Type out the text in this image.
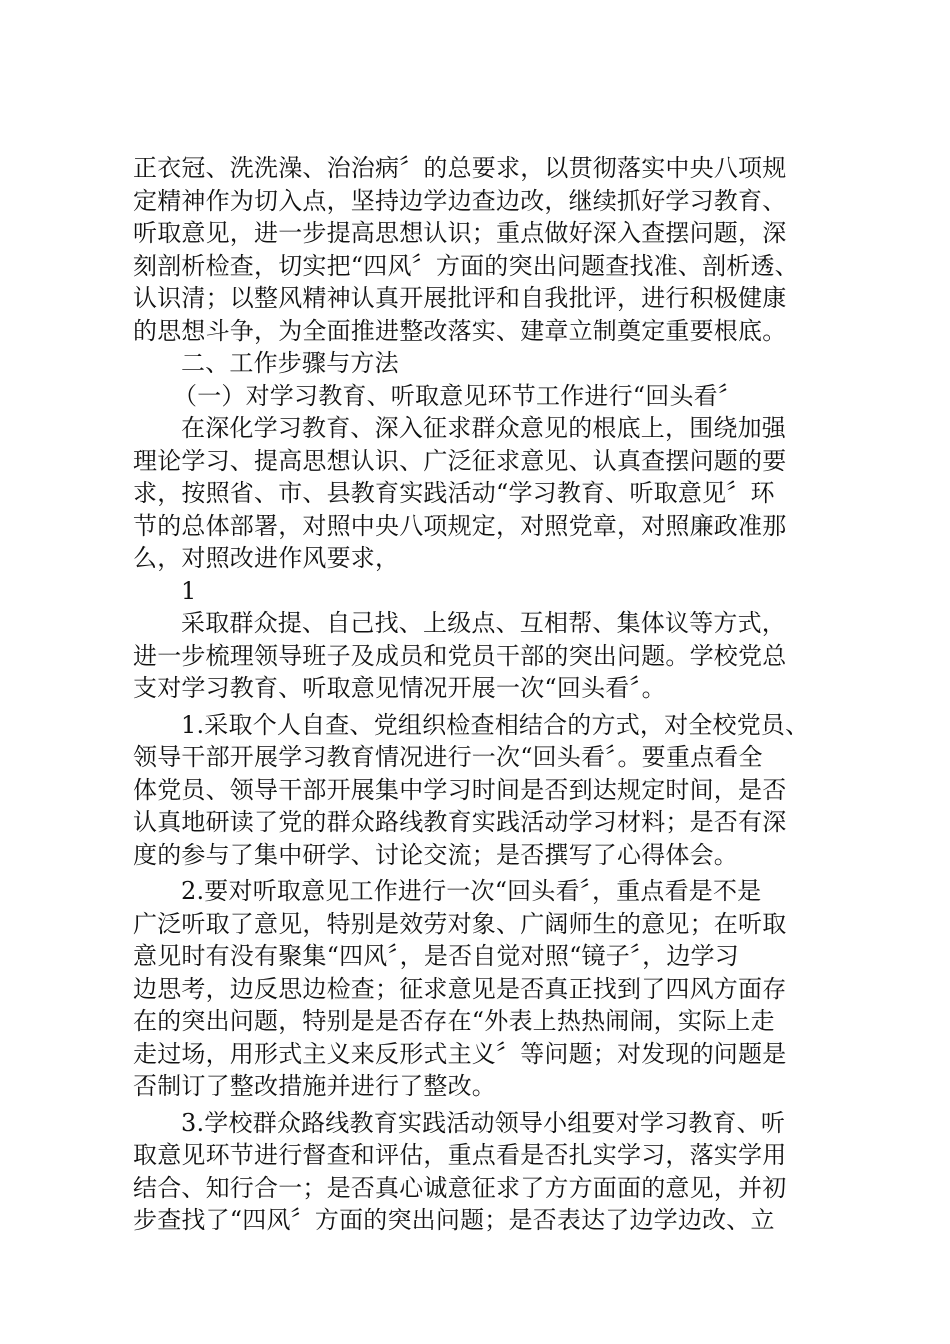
正衣冠、洗洗澡、治治病〞的总要求，以贯彻落实中央八项规
定精神作为切入点，坚持边学边查边改，继续抓好学习教育、
听取意见，进一步提高思想认识；重点做好深入查摆问题，深
刻剖析检查，切实把“四风〞方面的突出问题查找准、剖析透、
认识清；以整风精神认真开展批评和自我批评，进行积极健康
的思想斗争，为全面推进整改落实、建章立制奠定重要根底。
二、工作步骤与方法
（一）对学习教育、听取意见环节工作进行“回头看〞
在深化学习教育、深入征求群众意见的根底上，围绕加强
理论学习、提高思想认识、广泛征求意见、认真查摆问题的要
求，按照省、市、县教育实践活动“学习教育、听取意见〞环
节的总体部署，对照中央八项规定，对照党章，对照廉政准那
么，对照改进作风要求，
1
采取群众提、自己找、上级点、互相帮、集体议等方式，
进一步梳理领导班子及成员和党员干部的突出问题。学校党总
支对学习教育、听取意见情况开展一次“回头看〞。
1.采取个人自查、党组织检查相结合的方式，对全校党员、
领导干部开展学习教育情况进行一次“回头看〞。要重点看全
体党员、领导干部开展集中学习时间是否到达规定时间，是否
认真地研读了党的群众路线教育实践活动学习材料；是否有深
度的参与了集中研学、讨论交流；是否撰写了心得体会。
2.要对听取意见工作进行一次“回头看〞，重点看是不是
广泛听取了意见，特别是效劳对象、广阔师生的意见；在听取
意见时有没有聚集“四风〞，是否自觉对照“镜子〞，边学习
边思考，边反思边检查；征求意见是否真正找到了四风方面存
在的突出问题，特别是是否存在“外表上热热闹闹，实际上走
走过场，用形式主义来反形式主义〞等问题；对发现的问题是
否制订了整改措施并进行了整改。
3.学校群众路线教育实践活动领导小组要对学习教育、听
取意见环节进行督查和评估，重点看是否扎实学习，落实学用
结合、知行合一；是否真心诚意征求了方方面面的意见，并初
步查找了“四风〞方面的突出问题；是否表达了边学边改、立
